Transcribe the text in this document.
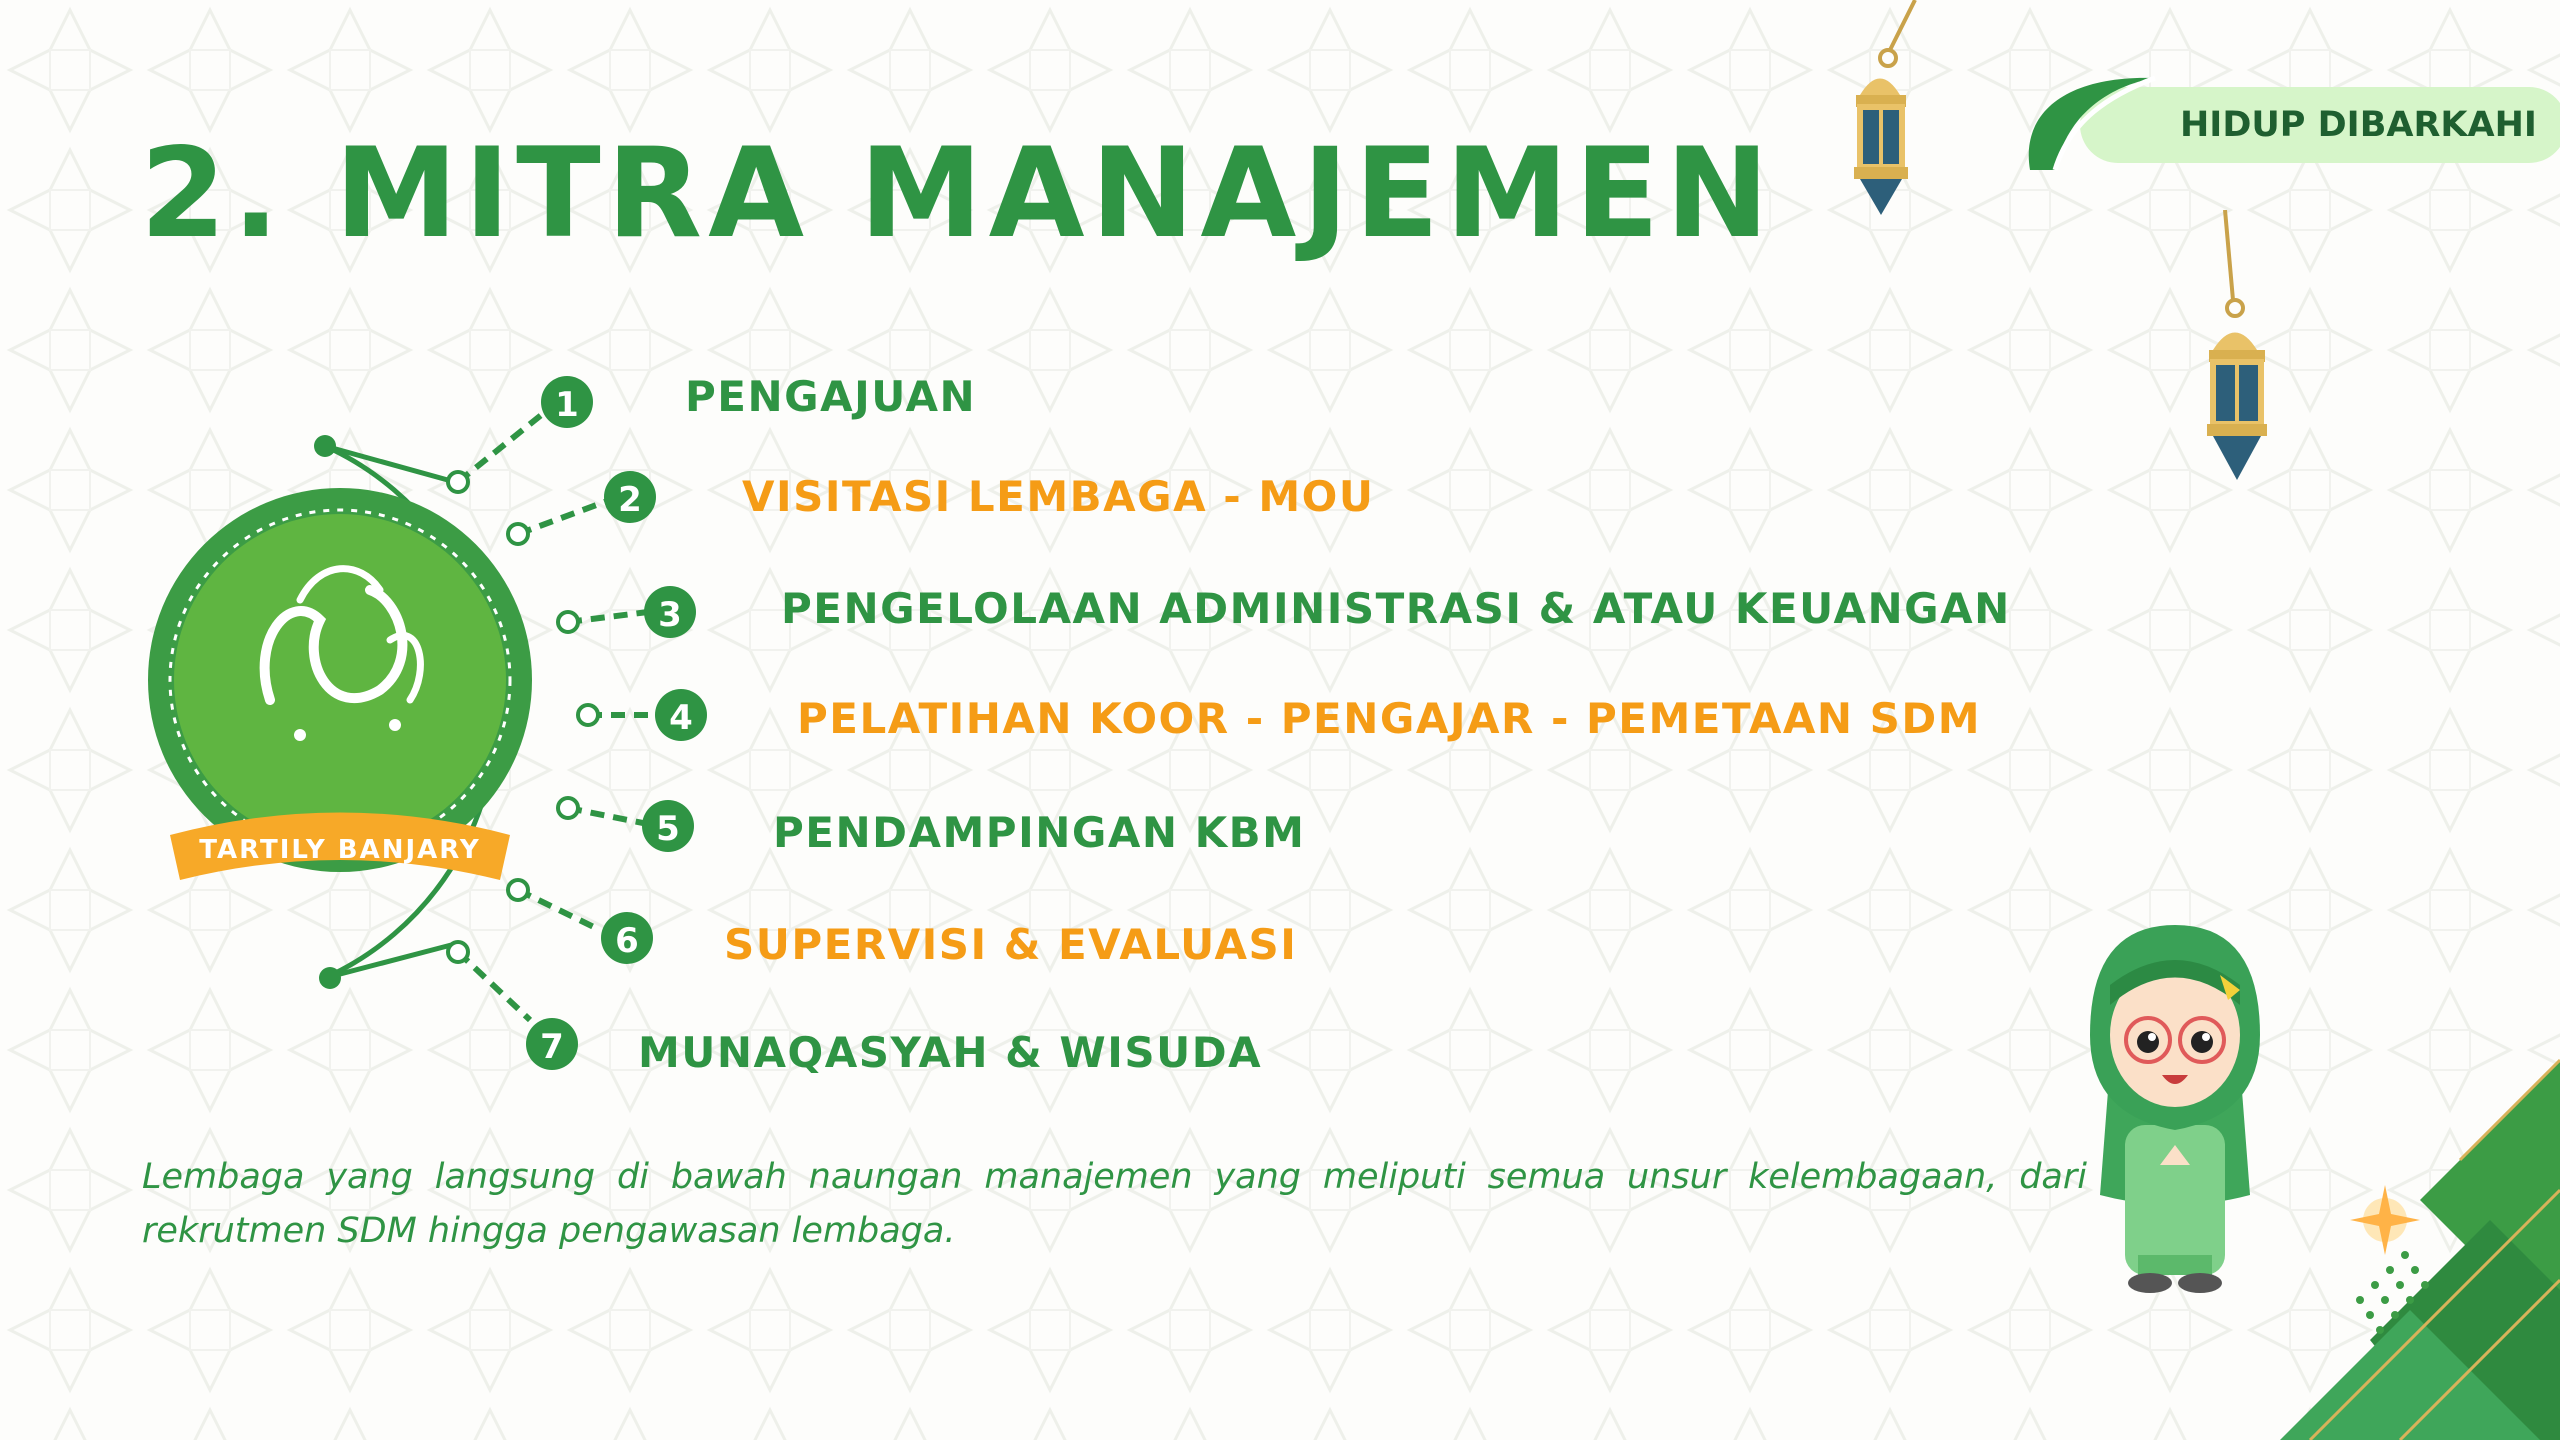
2. MITRA MANAJEMEN	HIDUP DIBARKAHI
1
2
3
4
5
6
7
TARTILY BANJARY

PENGAJUAN

VISITASI LEMBAGA - MOU

PENGELOLAAN ADMINISTRASI & ATAU KEUANGAN

PELATIHAN KOOR - PENGAJAR - PEMETAAN SDM

PENDAMPINGAN KBM

SUPERVISI & EVALUASI

MUNAQASYAH & WISUDA

Lembaga yang langsung di bawah naungan manajemen yang meliputi semua unsur kelembagaan, dari rekrutmen SDM hingga pengawasan lembaga.
